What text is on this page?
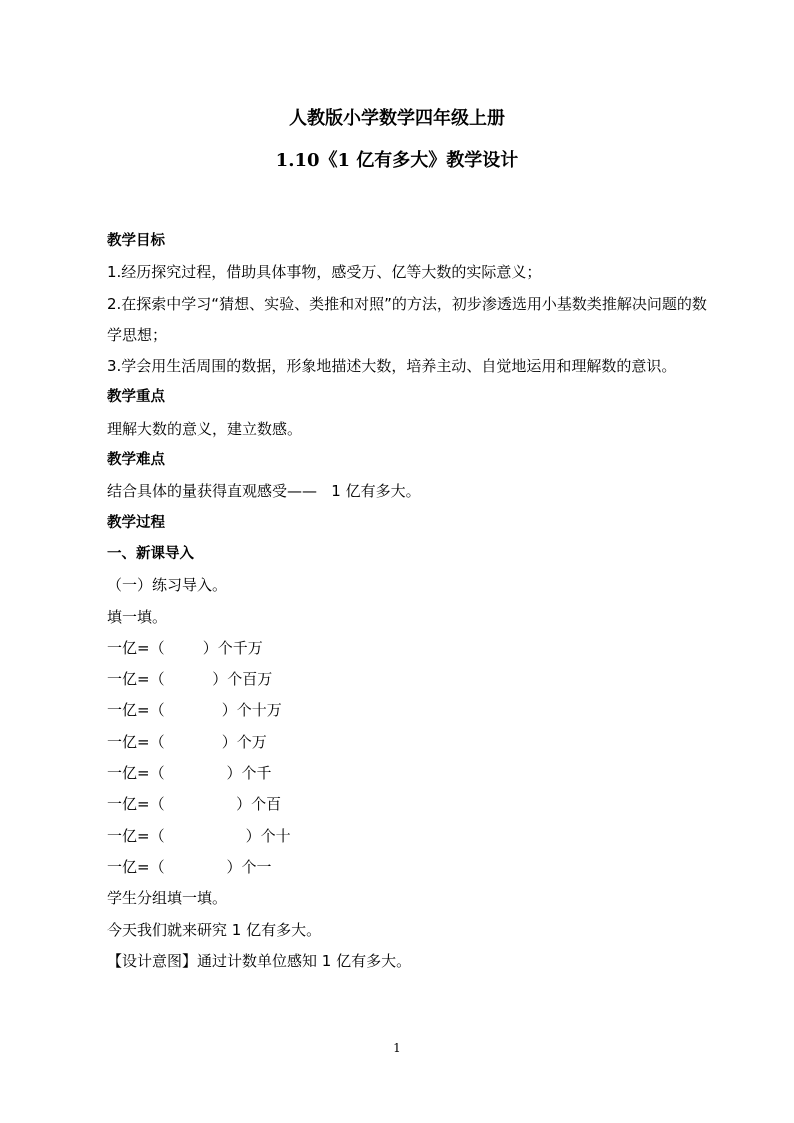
人教版小学数学四年级上册
1.10《1 亿有多大》教学设计
教学目标
1.经历探究过程，借助具体事物，感受万、亿等大数的实际意义；
2.在探索中学习“猜想、实验、类推和对照”的方法，初步渗透选用小基数类推解决问题的数学思想；
3.学会用生活周围的数据，形象地描述大数，培养主动、自觉地运用和理解数的意识。
教学重点
理解大数的意义，建立数感。
教学难点
结合具体的量获得直观感受——   1 亿有多大。
教学过程
一、新课导入
（一）练习导入。
填一填。
一亿=（        ）个千万
一亿=（          ）个百万
一亿=（            ）个十万
一亿=（            ）个万
一亿=（             ）个千
一亿=（               ）个百
一亿=（                 ）个十
一亿=（             ）个一
学生分组填一填。
今天我们就来研究 1 亿有多大。
【设计意图】通过计数单位感知 1 亿有多大。
1
